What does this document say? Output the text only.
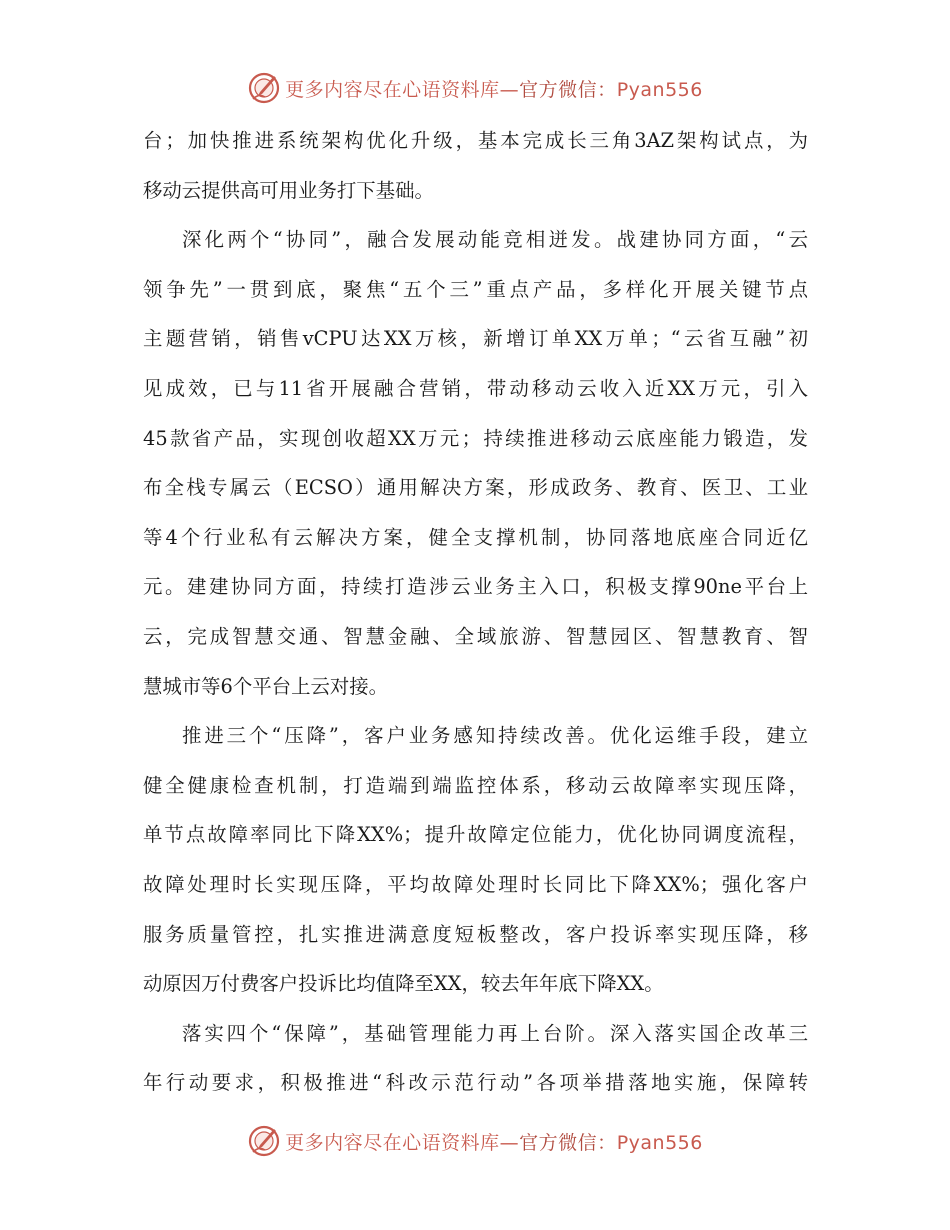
更多内容尽在心语资料库—官方微信：Pyan556
台；加快推进系统架构优化升级，基本完成长三角3AZ架构试点，为
移动云提供高可用业务打下基础。
深化两个“协同”，融合发展动能竞相迸发。战建协同方面，“云
领争先”一贯到底，聚焦“五个三”重点产品，多样化开展关键节点
主题营销，销售vCPU达XX万核，新增订单XX万单；“云省互融”初
见成效，已与11省开展融合营销，带动移动云收入近XX万元，引入
45款省产品，实现创收超XX万元；持续推进移动云底座能力锻造，发
布全栈专属云（ECSO）通用解决方案，形成政务、教育、医卫、工业
等4个行业私有云解决方案，健全支撑机制，协同落地底座合同近亿
元。建建协同方面，持续打造涉云业务主入口，积极支撑90ne平台上
云，完成智慧交通、智慧金融、全域旅游、智慧园区、智慧教育、智
慧城市等6个平台上云对接。
推进三个“压降”，客户业务感知持续改善。优化运维手段，建立
健全健康检查机制，打造端到端监控体系，移动云故障率实现压降，
单节点故障率同比下降XX%；提升故障定位能力，优化协同调度流程，
故障处理时长实现压降，平均故障处理时长同比下降XX%；强化客户
服务质量管控，扎实推进满意度短板整改，客户投诉率实现压降，移
动原因万付费客户投诉比均值降至XX，较去年年底下降XX。
落实四个“保障”，基础管理能力再上台阶。深入落实国企改革三
年行动要求，积极推进“科改示范行动”各项举措落地实施，保障转
更多内容尽在心语资料库—官方微信：Pyan556
